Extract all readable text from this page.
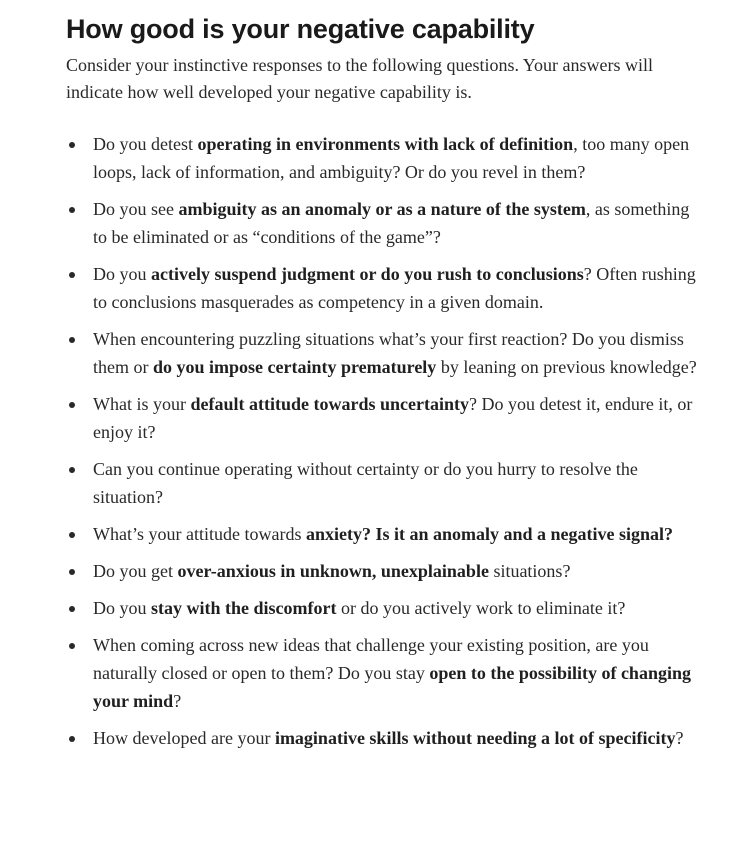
How good is your negative capability

Consider your instinctive responses to the following questions. Your answers will indicate how well developed your negative capability is.

Do you detest operating in environments with lack of definition, too many open loops, lack of information, and ambiguity? Or do you revel in them?
Do you see ambiguity as an anomaly or as a nature of the system, as something to be eliminated or as “conditions of the game”?
Do you actively suspend judgment or do you rush to conclusions? Often rushing to conclusions masquerades as competency in a given domain.
When encountering puzzling situations what’s your first reaction? Do you dismiss them or do you impose certainty prematurely by leaning on previous knowledge?
What is your default attitude towards uncertainty? Do you detest it, endure it, or enjoy it?
Can you continue operating without certainty or do you hurry to resolve the situation?
What’s your attitude towards anxiety? Is it an anomaly and a negative signal?
Do you get over-anxious in unknown, unexplainable situations?
Do you stay with the discomfort or do you actively work to eliminate it?
When coming across new ideas that challenge your existing position, are you naturally closed or open to them? Do you stay open to the possibility of changing your mind?
How developed are your imaginative skills without needing a lot of specificity?
